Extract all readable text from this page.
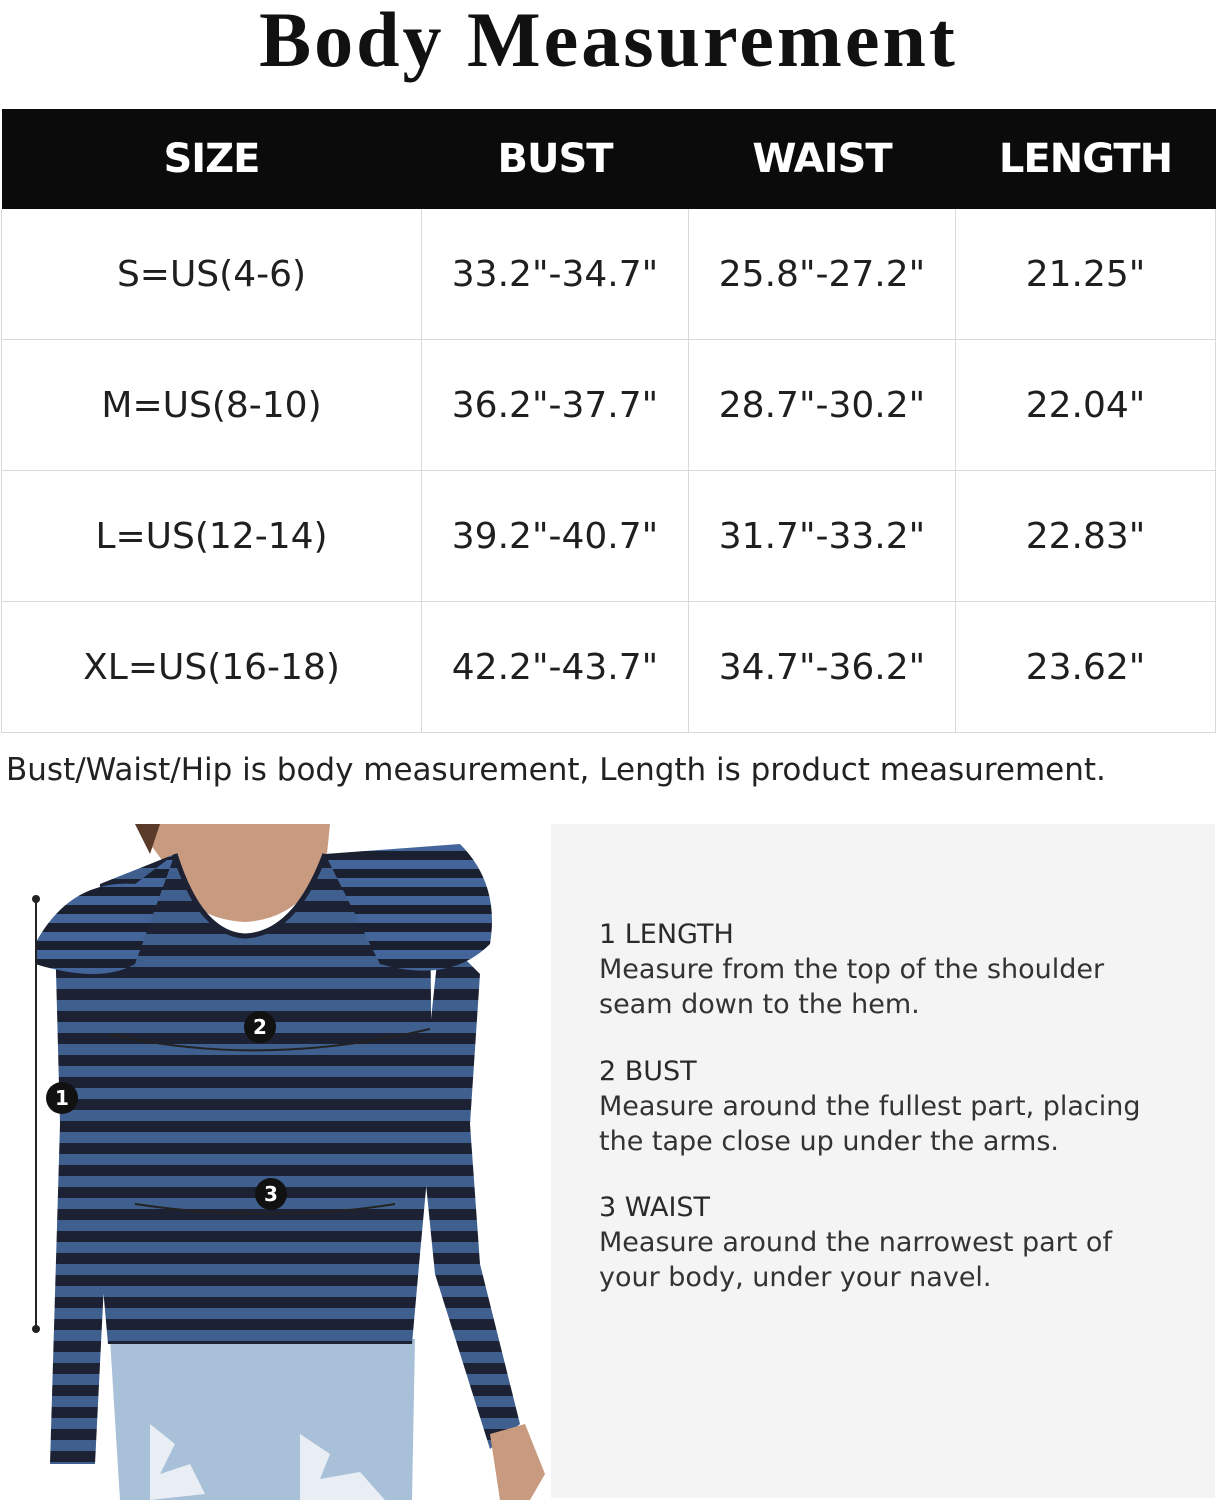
Body Measurement
SIZE	BUST	WAIST	LENGTH
S=US(4-6)	33.2"-34.7"	25.8"-27.2"	21.25"
M=US(8-10)	36.2"-37.7"	28.7"-30.2"	22.04"
L=US(12-14)	39.2"-40.7"	31.7"-33.2"	22.83"
XL=US(16-18)	42.2"-43.7"	34.7"-36.2"	23.62"
Bust/Waist/Hip is body measurement, Length is product measurement.
1
2
3
1 LENGTH
Measure from the top of the shoulder
seam down to the hem.
2 BUST
Measure around the fullest part, placing
the tape close up under the arms.
3 WAIST
Measure around the narrowest part of
your body, under your navel.
